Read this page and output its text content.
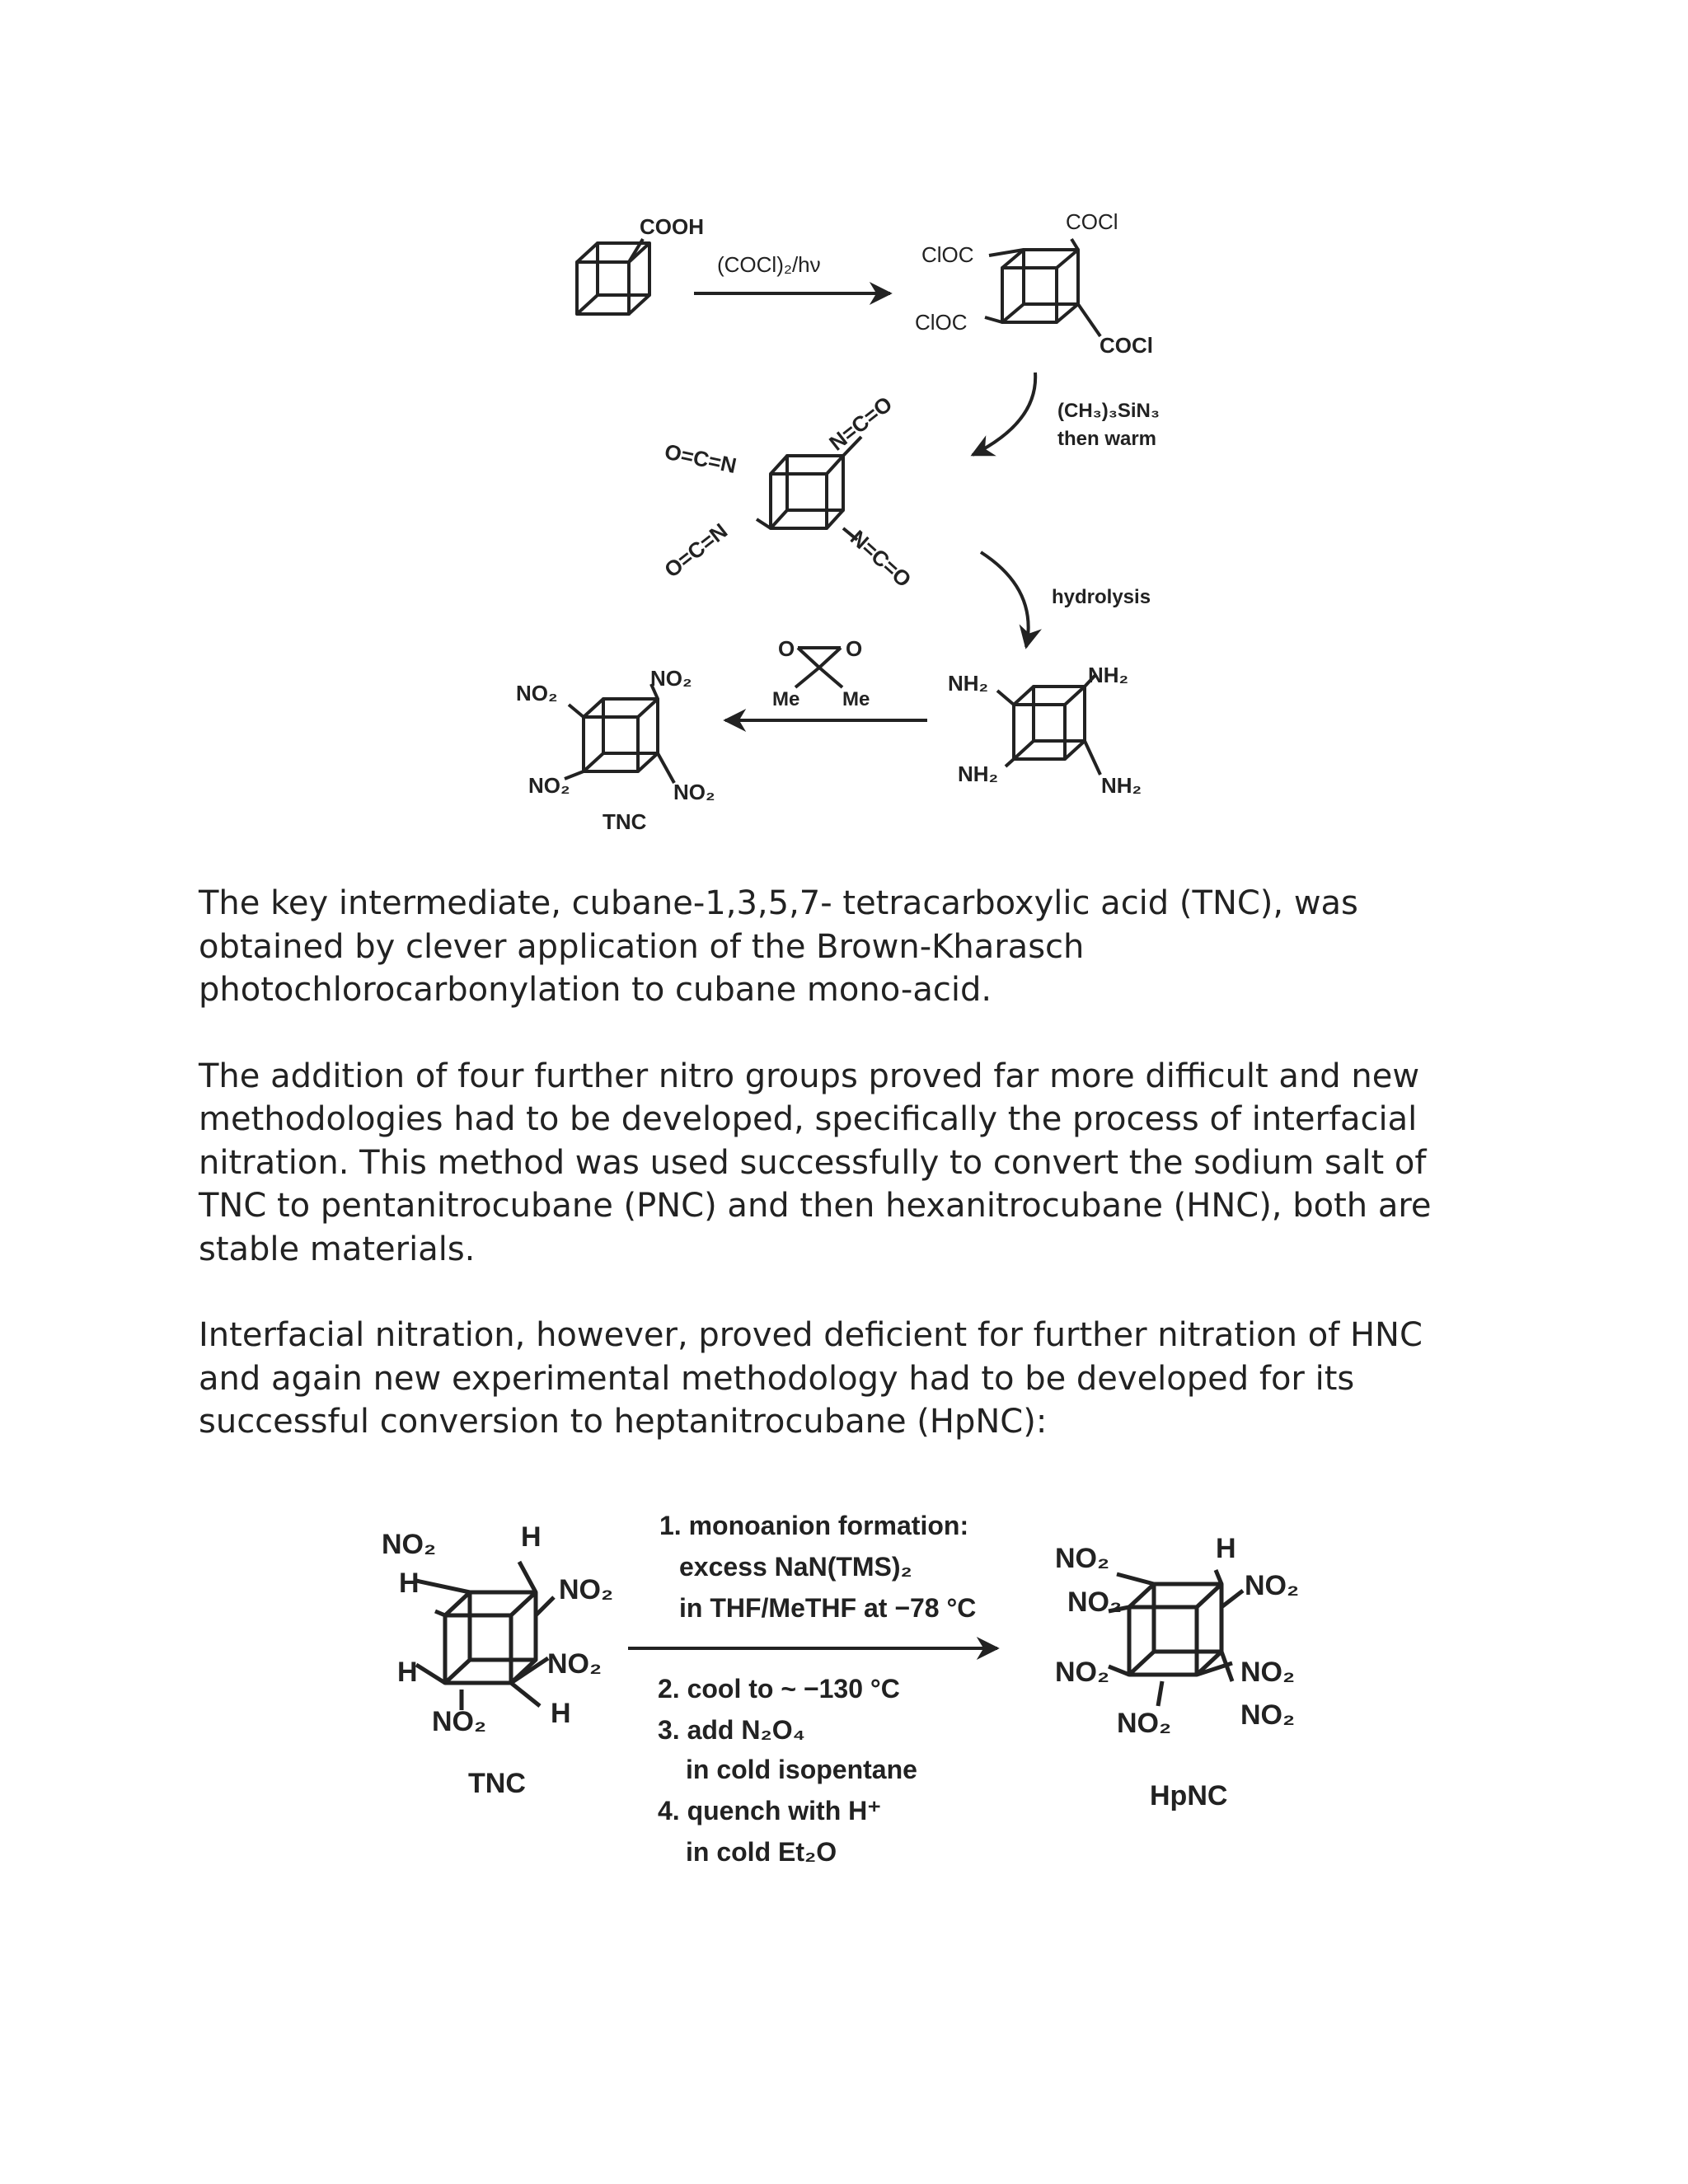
COOH
(COCl)₂/hν	ClOC
COCl
ClOC
COCl
(CH₃)₃SiN₃
then warm
O=C=N
N=C=O
O=C=N	N=C=O
hydrolysis
NH₂	NH₂
NH₂	NH₂
O O
Me Me
NO₂
NO₂
NO₂	NO₂
TNC
NO₂
H
H
NO₂
H	NO₂
NO₂ H
TNC
1. monoanion formation:
excess NaN(TMS)₂
in THF/MeTHF at −78 °C
2. cool to ~ −130 °C
3. add N₂O₄
in cold isopentane
4. quench with H⁺
in cold Et₂O
NO₂
NO₂
H
NO₂
NO₂	NO₂
NO₂ NO₂
HpNC

The key intermediate, cubane-1,3,5,7- tetracarboxylic acid (TNC), was
obtained by clever application of the Brown-Kharasch
photochlorocarbonylation to cubane mono-acid.

The addition of four further nitro groups proved far more difficult and new
methodologies had to be developed, specifically the process of interfacial
nitration. This method was used successfully to convert the sodium salt of
TNC to pentanitrocubane (PNC) and then hexanitrocubane (HNC), both are
stable materials.

Interfacial nitration, however, proved deficient for further nitration of HNC
and again new experimental methodology had to be developed for its
successful conversion to heptanitrocubane (HpNC):
